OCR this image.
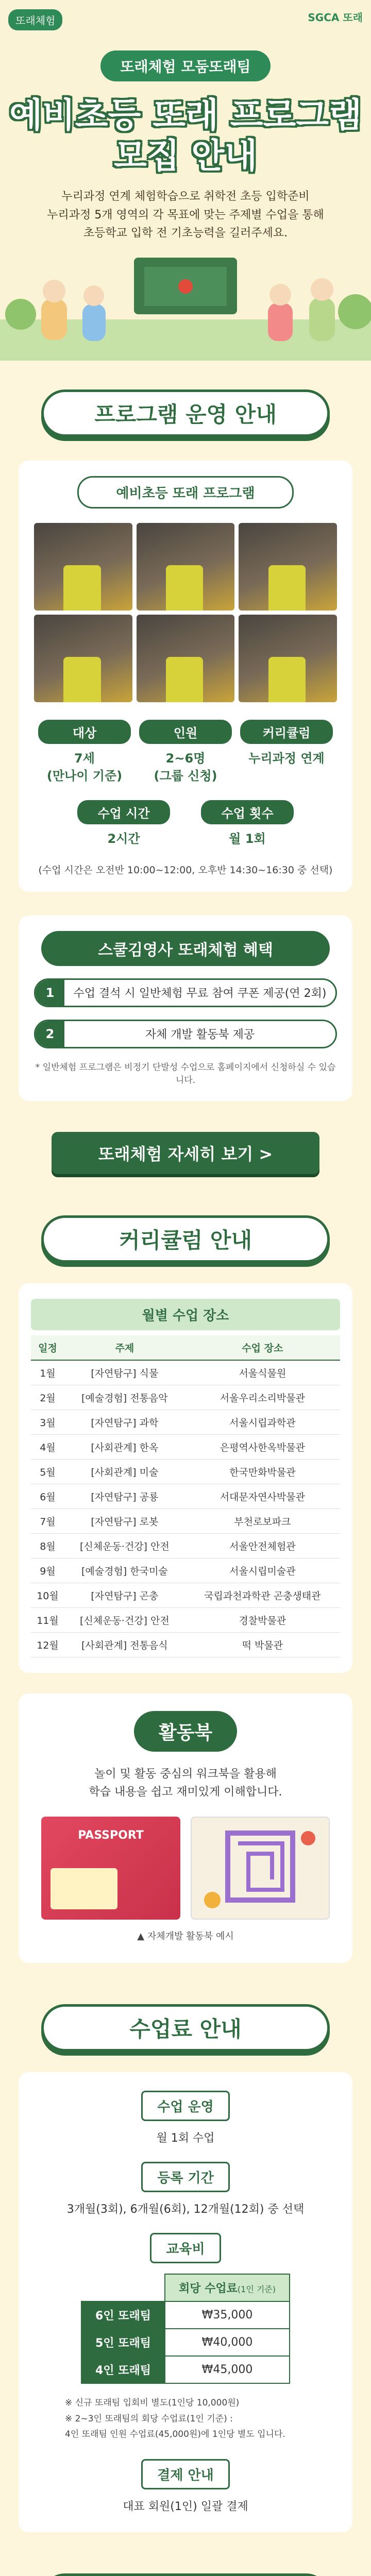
또래체험	SGCA 또래
또래체험 모둠또래팀
예비초등 또래 프로그램
모집 안내
누리과정 연계 체험학습으로 취학전 초등 입학준비
누리과정 5개 영역의 각 목표에 맞는 주제별 수업을 통해
초등학교 입학 전 기초능력을 길러주세요.
프로그램 운영 안내
예비초등 또래 프로그램
대상
7세
(만나이 기준)
인원
2~6명
(그룹 신청)
커리큘럼
누리과정 연계
수업 시간
2시간
수업 횟수
월 1회
(수업 시간은 오전반 10:00~12:00, 오후반 14:30~16:30 중 선택)
스쿨김영사 또래체험 혜택
1	수업 결석 시 일반체험 무료 참여 쿠폰 제공(연 2회)
2	자체 개발 활동북 제공
* 일반체험 프로그램은 비정기 단발성 수업으로 홈페이지에서 신청하실 수 있습니다.
또래체험 자세히 보기 >
커리큘럼 안내
월별 수업 장소
일정	주제	수업 장소
1월	[자연탐구] 식물	서울식물원
2월	[예술경험] 전통음악	서울우리소리박물관
3월	[자연탐구] 과학	서울시립과학관
4월	[사회관계] 한옥	은평역사한옥박물관
5월	[사회관계] 미술	한국만화박물관
6월	[자연탐구] 공룡	서대문자연사박물관
7월	[자연탐구] 로봇	부천로보파크
8월	[신체운동·건강] 안전	서울안전체험관
9월	[예술경험] 한국미술	서울시립미술관
10월	[자연탐구] 곤충	국립과천과학관 곤충생태관
11월	[신체운동·건강] 안전	경찰박물관
12월	[사회관계] 전통음식	떡 박물관
활동북
놀이 및 활동 중심의 워크북을 활용해
학습 내용을 쉽고 재미있게 이해합니다.
PASSPORT
▲ 자체개발 활동북 예시
수업료 안내
수업 운영
월 1회 수업
등록 기간
3개월(3회), 6개월(6회), 12개월(12회) 중 선택
교육비
	회당 수업료(1인 기준)
6인 또래팀	₩35,000
5인 또래팀	₩40,000
4인 또래팀	₩45,000
※ 신규 또래팀 입회비 별도(1인당 10,000원)
※ 2~3인 또래팀의 회당 수업료(1인 기준) :
4인 또래팀 인원 수업료(45,000원)에 1인당 별도 입니다.
결제 안내
대표 회원(1인) 일괄 결제
